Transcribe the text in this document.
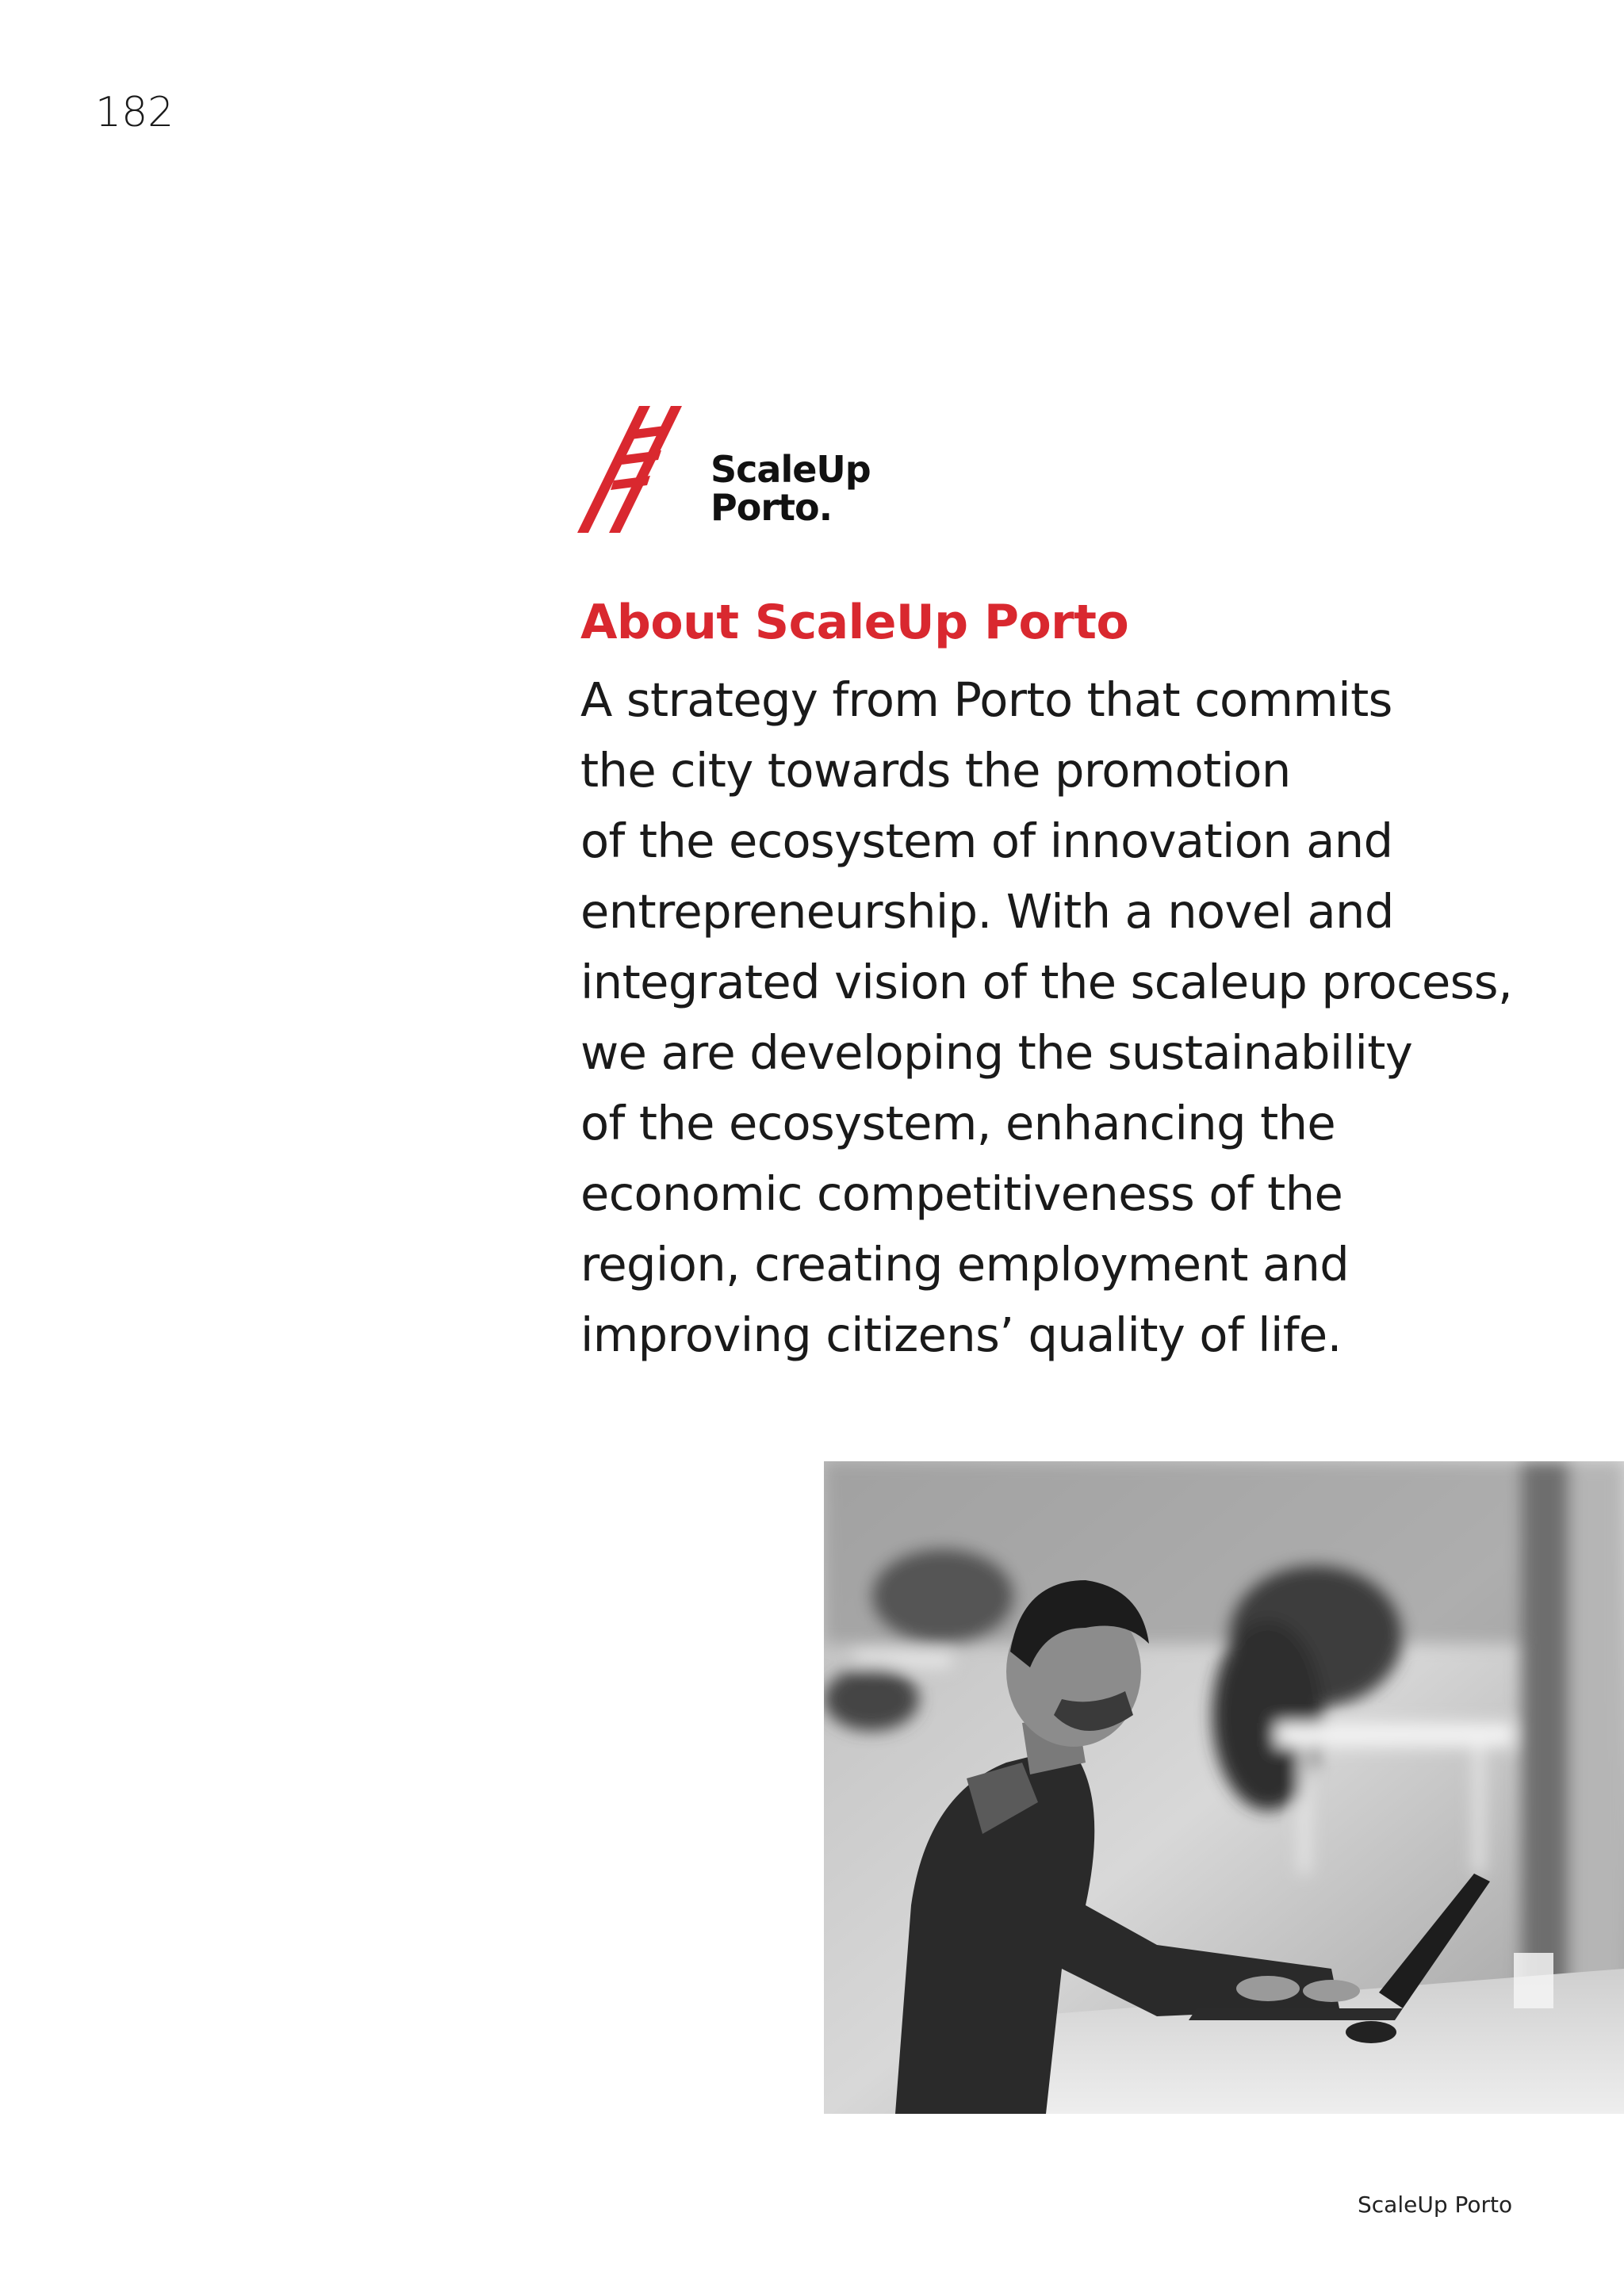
182
ScaleUp
Porto.
About ScaleUp Porto
A strategy from Porto that commits
the city towards the promotion
of the ecosystem of innovation and
entrepreneurship. With a novel and
integrated vision of the scaleup process,
we are developing the sustainability
of the ecosystem, enhancing the
economic competitiveness of the
region, creating employment and
improving citizens’ quality of life.
ScaleUp Porto
